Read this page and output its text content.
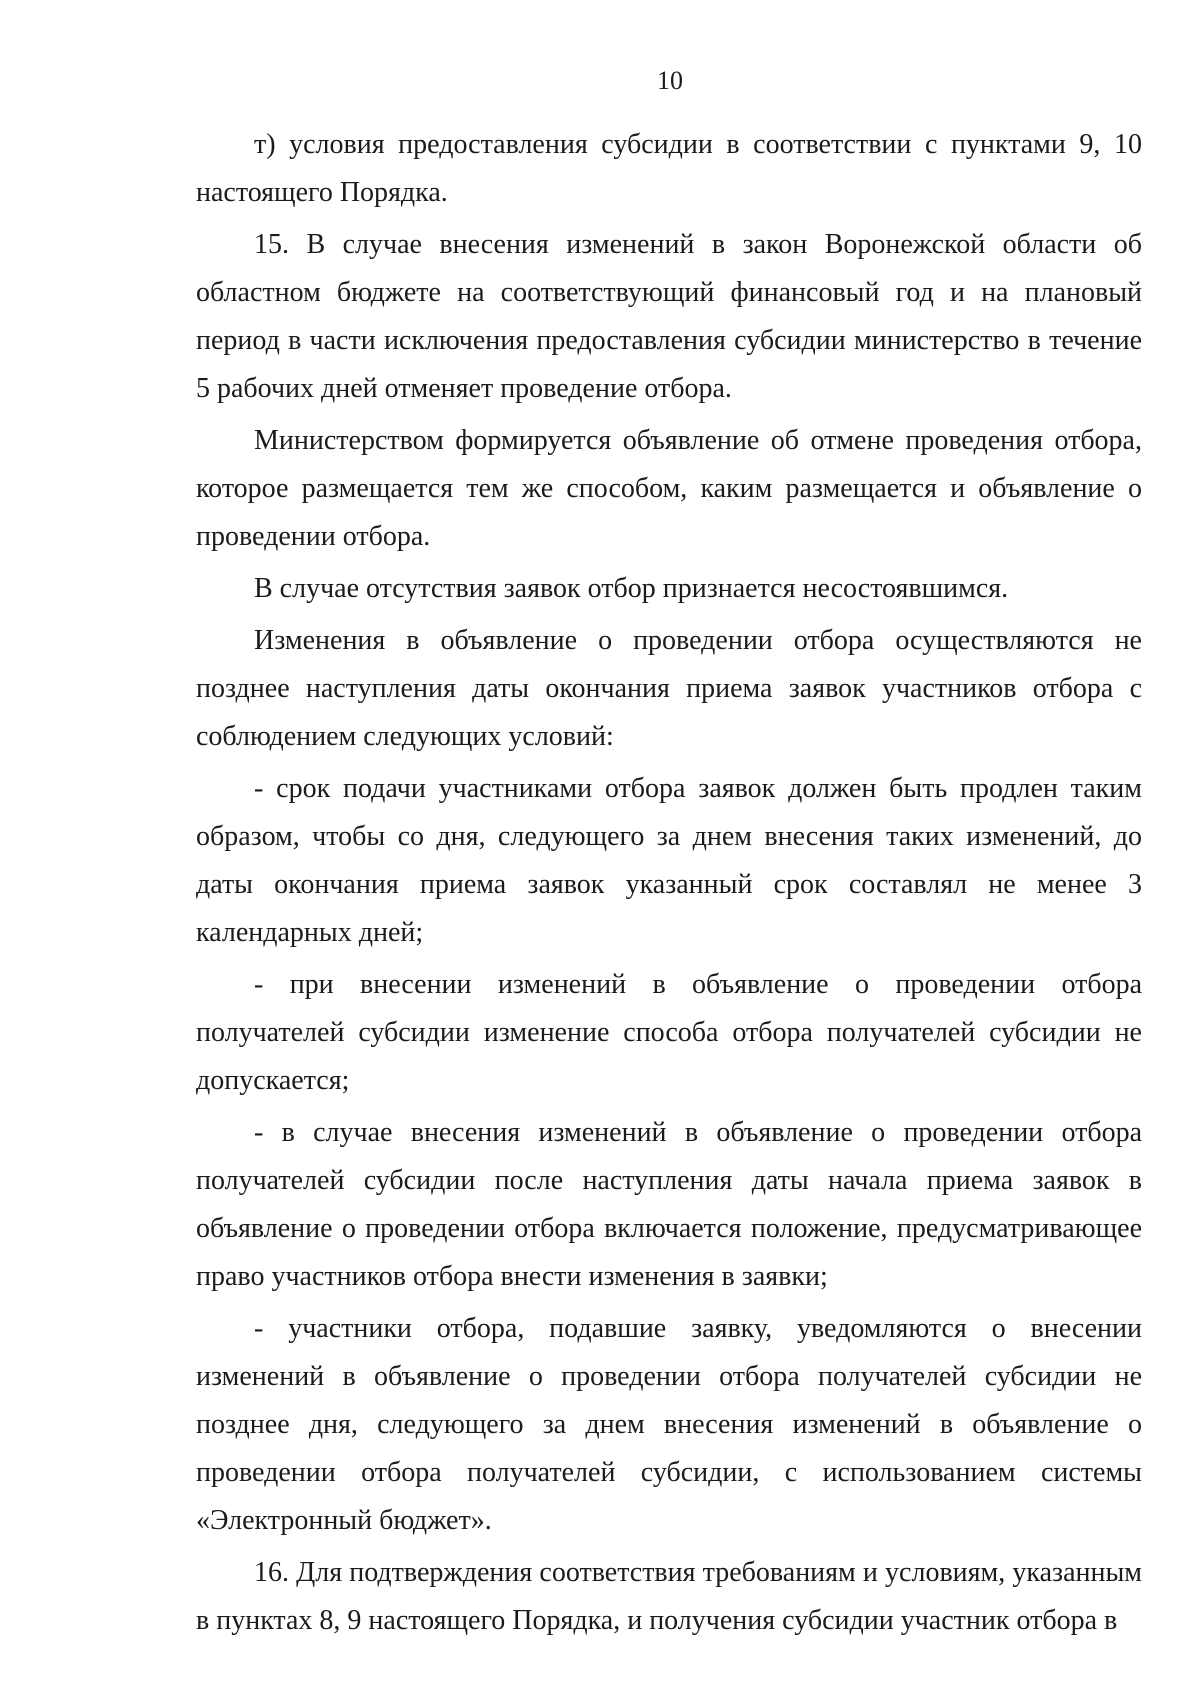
10

т) условия предоставления субсидии в соответствии с пунктами 9, 10 настоящего Порядка.

15. В случае внесения изменений в закон Воронежской области об областном бюджете на соответствующий финансовый год и на плановый период в части исключения предоставления субсидии министерство в течение 5 рабочих дней отменяет проведение отбора.

Министерством формируется объявление об отмене проведения отбора, которое размещается тем же способом, каким размещается и объявление о проведении отбора.

В случае отсутствия заявок отбор признается несостоявшимся.

Изменения в объявление о проведении отбора осуществляются не позднее наступления даты окончания приема заявок участников отбора с соблюдением следующих условий:

- срок подачи участниками отбора заявок должен быть продлен таким образом, чтобы со дня, следующего за днем внесения таких изменений, до даты окончания приема заявок указанный срок составлял не менее 3 календарных дней;

- при внесении изменений в объявление о проведении отбора получателей субсидии изменение способа отбора получателей субсидии не допускается;

- в случае внесения изменений в объявление о проведении отбора получателей субсидии после наступления даты начала приема заявок в объявление о проведении отбора включается положение, предусматривающее право участников отбора внести изменения в заявки;

- участники отбора, подавшие заявку, уведомляются о внесении изменений в объявление о проведении отбора получателей субсидии не позднее дня, следующего за днем внесения изменений в объявление о проведении отбора получателей субсидии, с использованием системы «Электронный бюджет».

16. Для подтверждения соответствия требованиям и условиям, указанным в пунктах 8, 9 настоящего Порядка, и получения субсидии участник отбора в
